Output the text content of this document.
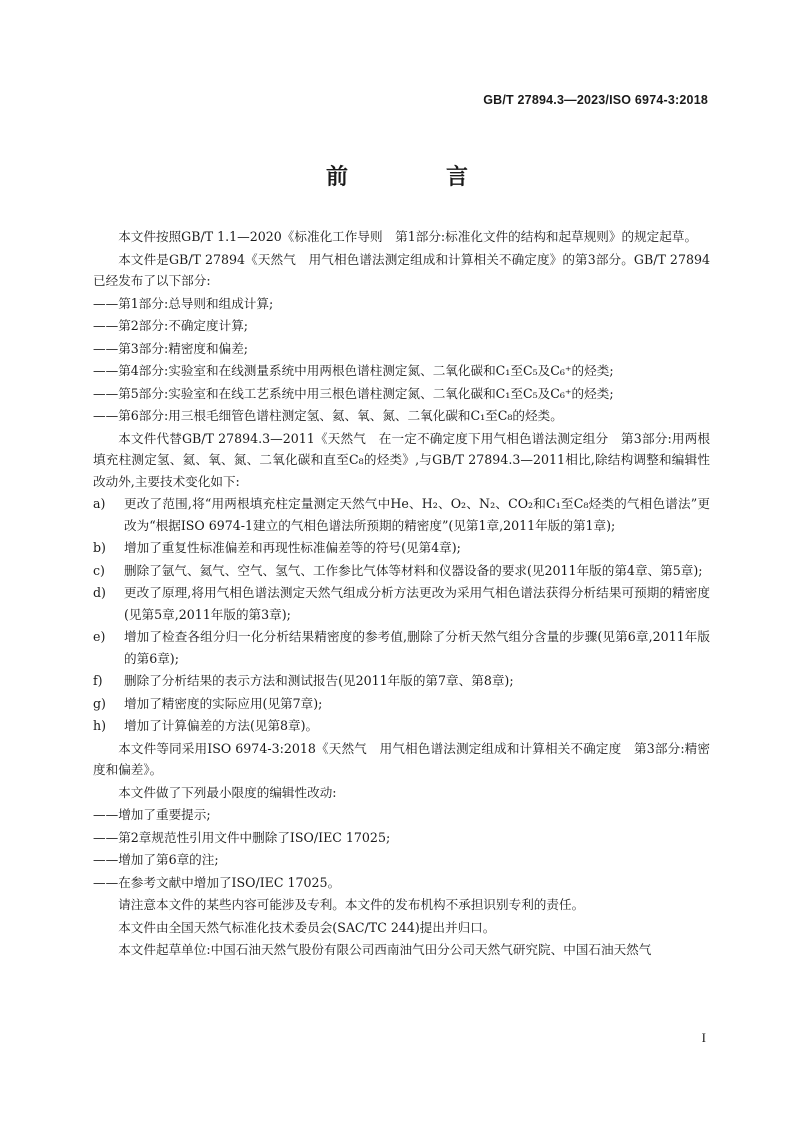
GB/T 27894.3—2023/ISO 6974-3:2018
前　言

本文件按照GB/T 1.1—2020《标准化工作导则　第1部分:标准化文件的结构和起草规则》的规定起草。

本文件是GB/T 27894《天然气　用气相色谱法测定组成和计算相关不确定度》的第3部分。GB/T 27894已经发布了以下部分:

——第1部分:总导则和组成计算;

——第2部分:不确定度计算;

——第3部分:精密度和偏差;

——第4部分:实验室和在线测量系统中用两根色谱柱测定氮、二氧化碳和C₁至C₅及C₆⁺的烃类;

——第5部分:实验室和在线工艺系统中用三根色谱柱测定氮、二氧化碳和C₁至C₅及C₆⁺的烃类;

——第6部分:用三根毛细管色谱柱测定氢、氦、氧、氮、二氧化碳和C₁至C₈的烃类。

本文件代替GB/T 27894.3—2011《天然气　在一定不确定度下用气相色谱法测定组分　第3部分:用两根填充柱测定氢、氦、氧、氮、二氧化碳和直至C₈的烃类》,与GB/T 27894.3—2011相比,除结构调整和编辑性改动外,主要技术变化如下:

a)	更改了范围,将“用两根填充柱定量测定天然气中He、H₂、O₂、N₂、CO₂和C₁至C₈烃类的气相色谱法”更改为“根据ISO 6974-1建立的气相色谱法所预期的精密度”(见第1章,2011年版的第1章);
b)	增加了重复性标准偏差和再现性标准偏差等的符号(见第4章);
c)	删除了氩气、氦气、空气、氢气、工作参比气体等材料和仪器设备的要求(见2011年版的第4章、第5章);
d)	更改了原理,将用气相色谱法测定天然气组成分析方法更改为采用气相色谱法获得分析结果可预期的精密度(见第5章,2011年版的第3章);
e)	增加了检查各组分归一化分析结果精密度的参考值,删除了分析天然气组分含量的步骤(见第6章,2011年版的第6章);
f)	删除了分析结果的表示方法和测试报告(见2011年版的第7章、第8章);
g)	增加了精密度的实际应用(见第7章);
h)	增加了计算偏差的方法(见第8章)。

本文件等同采用ISO 6974-3:2018《天然气　用气相色谱法测定组成和计算相关不确定度　第3部分:精密度和偏差》。

本文件做了下列最小限度的编辑性改动:

——增加了重要提示;

——第2章规范性引用文件中删除了ISO/IEC 17025;

——增加了第6章的注;

——在参考文献中增加了ISO/IEC 17025。

请注意本文件的某些内容可能涉及专利。本文件的发布机构不承担识别专利的责任。

本文件由全国天然气标准化技术委员会(SAC/TC 244)提出并归口。

本文件起草单位:中国石油天然气股份有限公司西南油气田分公司天然气研究院、中国石油天然气

I
